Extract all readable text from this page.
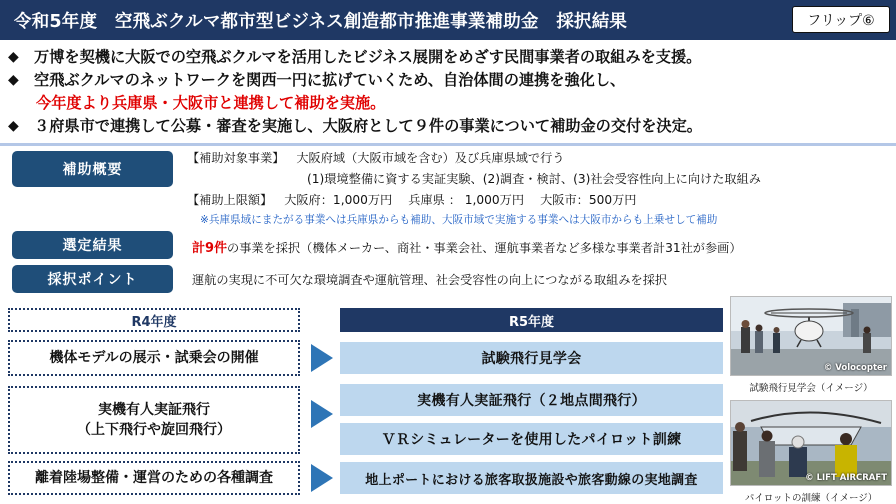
令和5年度　空飛ぶクルマ都市型ビジネス創造都市推進事業補助金　採択結果	フリップ⑥
◆ 万博を契機に大阪での空飛ぶクルマを活用したビジネス展開をめざす民間事業者の取組みを支援。
◆ 空飛ぶクルマのネットワークを関西一円に拡げていくため、自治体間の連携を強化し、
今年度より兵庫県・大阪市と連携して補助を実施。
◆ ３府県市で連携して公募・審査を実施し、大阪府として９件の事業について補助金の交付を決定。
補助概要
【補助対象事業】 大阪府域（大阪市域を含む）及び兵庫県域で行う
(1)環境整備に資する実証実験、(2)調査・検討、(3)社会受容性向上に向けた取組み
【補助上限額】 大阪府：1,000万円　 兵庫県 ： 1,000万円　 大阪市：500万円
※兵庫県域にまたがる事業へは兵庫県からも補助、大阪市域で実施する事業へは大阪市からも上乗せして補助
選定結果	計9件の事業を採択（機体メーカー、商社・事業会社、運航事業者など多様な事業者計31社が参画）
採択ポイント	運航の実現に不可欠な環境調査や運航管理、社会受容性の向上につながる取組みを採択
R4年度	R5年度
機体モデルの展示・試乗会の開催
実機有人実証飛行
（上下飛行や旋回飛行）
離着陸場整備・運営のための各種調査
試験飛行見学会
実機有人実証飛行（２地点間飛行）
ＶＲシミュレーターを使用したパイロット訓練
地上ポートにおける旅客取扱施設や旅客動線の実地調査
© Volocopter
試験飛行見学会（イメージ）
© LIFT AIRCRAFT
パイロットの訓練（イメージ）
